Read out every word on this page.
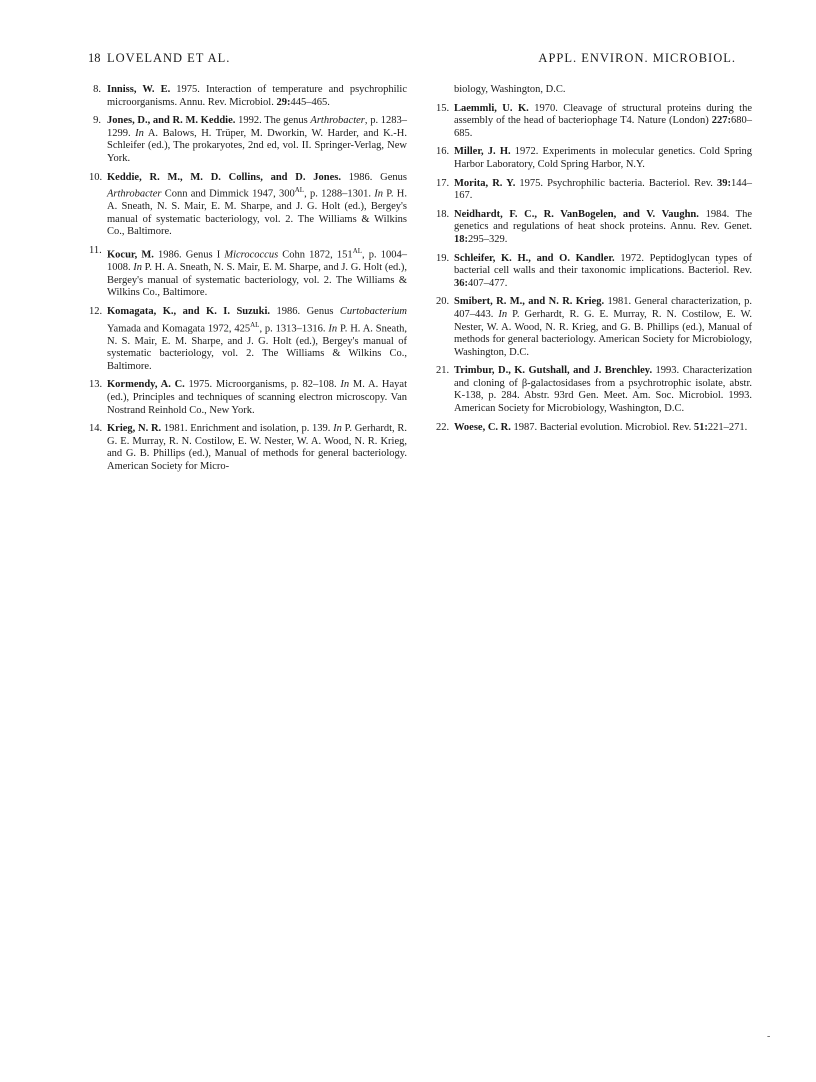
18 LOVELAND ET AL.	APPL. ENVIRON. MICROBIOL.
8. Inniss, W. E. 1975. Interaction of temperature and psychrophilic microorganisms. Annu. Rev. Microbiol. 29:445–465.
9. Jones, D., and R. M. Keddie. 1992. The genus Arthrobacter, p. 1283–1299. In A. Balows, H. Trüper, M. Dworkin, W. Harder, and K.-H. Schleifer (ed.), The prokaryotes, 2nd ed, vol. II. Springer-Verlag, New York.
10. Keddie, R. M., M. D. Collins, and D. Jones. 1986. Genus Arthrobacter Conn and Dimmick 1947, $300^{AL}$, p. 1288–1301. In P. H. A. Sneath, N. S. Mair, E. M. Sharpe, and J. G. Holt (ed.), Bergey's manual of systematic bacteriology, vol. 2. The Williams & Wilkins Co., Baltimore.
11. Kocur, M. 1986. Genus I Micrococcus Cohn 1872, $151^{AL}$, p. 1004–1008. In P. H. A. Sneath, N. S. Mair, E. M. Sharpe, and J. G. Holt (ed.), Bergey's manual of systematic bacteriology, vol. 2. The Williams & Wilkins Co., Baltimore.
12. Komagata, K., and K. I. Suzuki. 1986. Genus Curtobacterium Yamada and Komagata 1972, $425^{AL}$, p. 1313–1316. In P. H. A. Sneath, N. S. Mair, E. M. Sharpe, and J. G. Holt (ed.), Bergey's manual of systematic bacteriology, vol. 2. The Williams & Wilkins Co., Baltimore.
13. Kormendy, A. C. 1975. Microorganisms, p. 82–108. In M. A. Hayat (ed.), Principles and techniques of scanning electron microscopy. Van Nostrand Reinhold Co., New York.
14. Krieg, N. R. 1981. Enrichment and isolation, p. 139. In P. Gerhardt, R. G. E. Murray, R. N. Costilow, E. W. Nester, W. A. Wood, N. R. Krieg, and G. B. Phillips (ed.), Manual of methods for general bacteriology. American Society for Micro-
biology, Washington, D.C.
15. Laemmli, U. K. 1970. Cleavage of structural proteins during the assembly of the head of bacteriophage T4. Nature (London) 227:680–685.
16. Miller, J. H. 1972. Experiments in molecular genetics. Cold Spring Harbor Laboratory, Cold Spring Harbor, N.Y.
17. Morita, R. Y. 1975. Psychrophilic bacteria. Bacteriol. Rev. 39:144–167.
18. Neidhardt, F. C., R. VanBogelen, and V. Vaughn. 1984. The genetics and regulations of heat shock proteins. Annu. Rev. Genet. 18:295–329.
19. Schleifer, K. H., and O. Kandler. 1972. Peptidoglycan types of bacterial cell walls and their taxonomic implications. Bacteriol. Rev. 36:407–477.
20. Smibert, R. M., and N. R. Krieg. 1981. General characterization, p. 407–443. In P. Gerhardt, R. G. E. Murray, R. N. Costilow, E. W. Nester, W. A. Wood, N. R. Krieg, and G. B. Phillips (ed.), Manual of methods for general bacteriology. American Society for Microbiology, Washington, D.C.
21. Trimbur, D., K. Gutshall, and J. Brenchley. 1993. Characterization and cloning of β-galactosidases from a psychrotrophic isolate, abstr. K-138, p. 284. Abstr. 93rd Gen. Meet. Am. Soc. Microbiol. 1993. American Society for Microbiology, Washington, D.C.
22. Woese, C. R. 1987. Bacterial evolution. Microbiol. Rev. 51:221–271.
-
